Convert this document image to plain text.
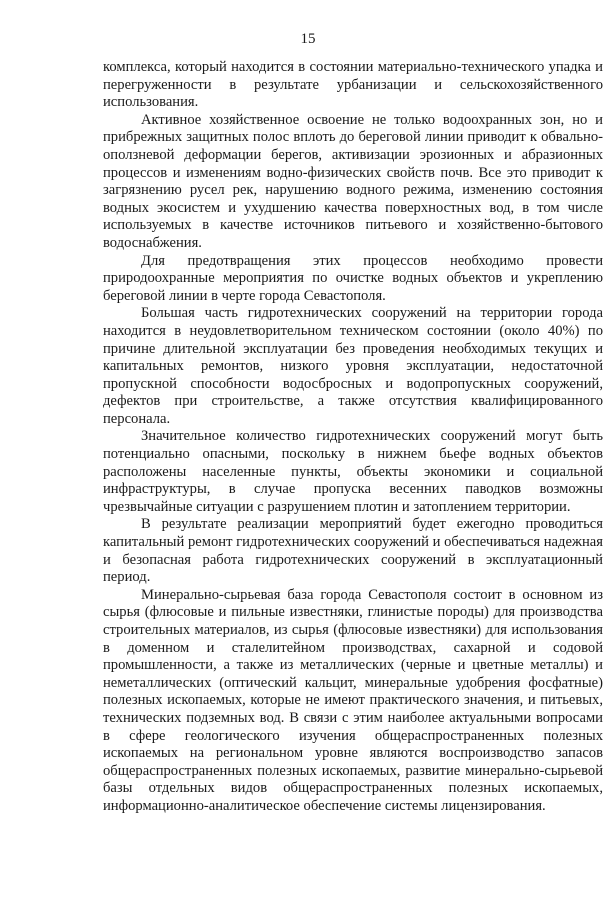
15

комплекса, который находится в состоянии материально-технического упадка и перегруженности в результате урбанизации и сельскохозяйственного использования.

Активное хозяйственное освоение не только водоохранных зон, но и прибрежных защитных полос вплоть до береговой линии приводит к обвально-оползневой деформации берегов, активизации эрозионных и абразионных процессов и изменениям водно-физических свойств почв. Все это приводит к загрязнению русел рек, нарушению водного режима, изменению состояния водных экосистем и ухудшению качества поверхностных вод, в том числе используемых в качестве источников питьевого и хозяйственно-бытового водоснабжения.

Для предотвращения этих процессов необходимо провести природоохранные мероприятия по очистке водных объектов и укреплению береговой линии в черте города Севастополя.

Большая часть гидротехнических сооружений на территории города находится в неудовлетворительном техническом состоянии (около 40%) по причине длительной эксплуатации без проведения необходимых текущих и капитальных ремонтов, низкого уровня эксплуатации, недостаточной пропускной способности водосбросных и водопропускных сооружений, дефектов при строительстве, а также отсутствия квалифицированного персонала.

Значительное количество гидротехнических сооружений могут быть потенциально опасными, поскольку в нижнем бьефе водных объектов расположены населенные пункты, объекты экономики и социальной инфраструктуры, в случае пропуска весенних паводков возможны чрезвычайные ситуации с разрушением плотин и затоплением территории.

В результате реализации мероприятий будет ежегодно проводиться капитальный ремонт гидротехнических сооружений и обеспечиваться надежная и безопасная работа гидротехнических сооружений в эксплуатационный период.

Минерально-сырьевая база города Севастополя состоит в основном из сырья (флюсовые и пильные известняки, глинистые породы) для производства строительных материалов, из сырья (флюсовые известняки) для использования в доменном и сталелитейном производствах, сахарной и содовой промышленности, а также из металлических (черные и цветные металлы) и неметаллических (оптический кальцит, минеральные удобрения фосфатные) полезных ископаемых, которые не имеют практического значения, и питьевых, технических подземных вод. В связи с этим наиболее актуальными вопросами в сфере геологического изучения общераспространенных полезных ископаемых на региональном уровне являются воспроизводство запасов общераспространенных полезных ископаемых, развитие минерально-сырьевой базы отдельных видов общераспространенных полезных ископаемых, информационно-аналитическое обеспечение системы лицензирования.
